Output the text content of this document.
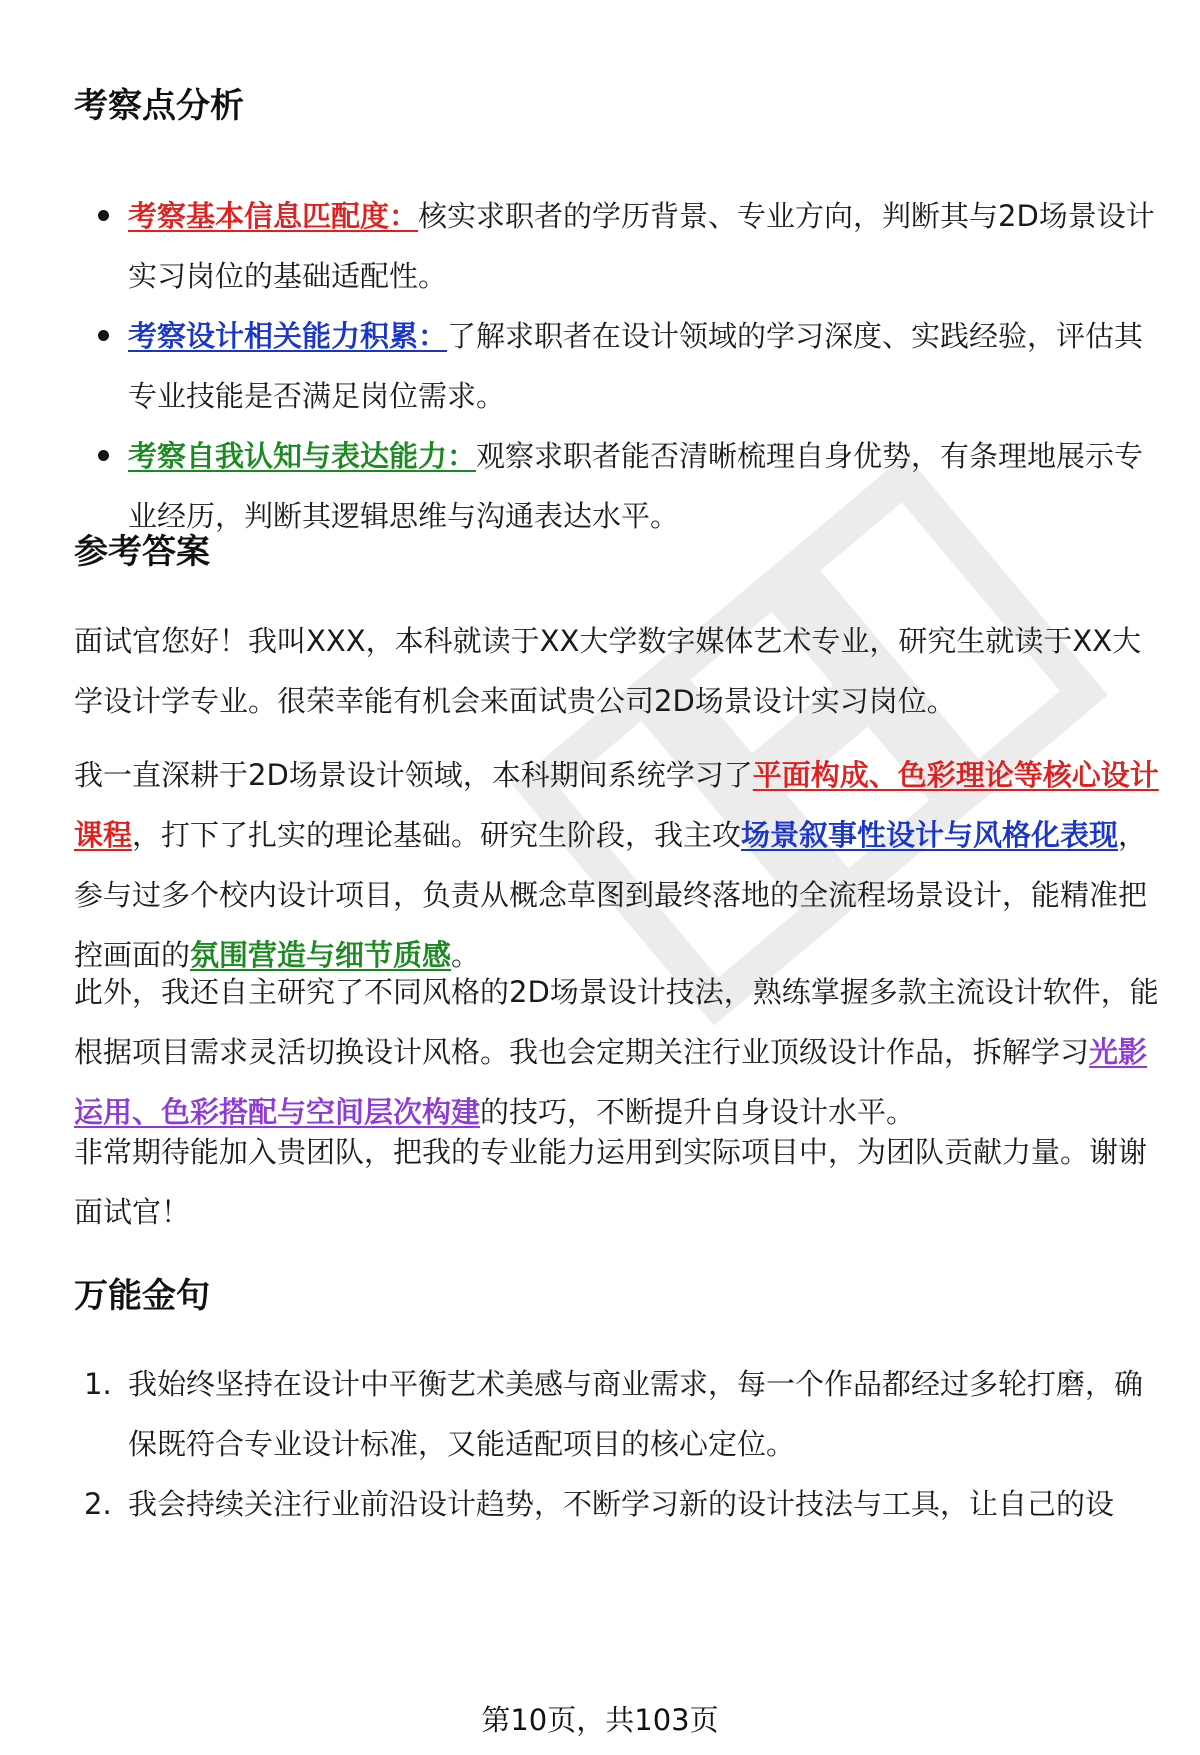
考察点分析
考察基本信息匹配度：核实求职者的学历背景、专业方向，判断其与2D场景设计实习岗位的基础适配性。
考察设计相关能力积累：了解求职者在设计领域的学习深度、实践经验，评估其专业技能是否满足岗位需求。
考察自我认知与表达能力：观察求职者能否清晰梳理自身优势，有条理地展示专业经历，判断其逻辑思维与沟通表达水平。
参考答案

面试官您好！我叫XXX，本科就读于XX大学数字媒体艺术专业，研究生就读于XX大学设计学专业。很荣幸能有机会来面试贵公司2D场景设计实习岗位。

我一直深耕于2D场景设计领域，本科期间系统学习了平面构成、色彩理论等核心设计课程，打下了扎实的理论基础。研究生阶段，我主攻场景叙事性设计与风格化表现，参与过多个校内设计项目，负责从概念草图到最终落地的全流程场景设计，能精准把控画面的氛围营造与细节质感。

此外，我还自主研究了不同风格的2D场景设计技法，熟练掌握多款主流设计软件，能根据项目需求灵活切换设计风格。我也会定期关注行业顶级设计作品，拆解学习光影运用、色彩搭配与空间层次构建的技巧，不断提升自身设计水平。

非常期待能加入贵团队，把我的专业能力运用到实际项目中，为团队贡献力量。谢谢面试官！

万能金句
1. 我始终坚持在设计中平衡艺术美感与商业需求，每一个作品都经过多轮打磨，确保既符合专业设计标准，又能适配项目的核心定位。
2. 我会持续关注行业前沿设计趋势，不断学习新的设计技法与工具，让自己的设
第10页，共103页
